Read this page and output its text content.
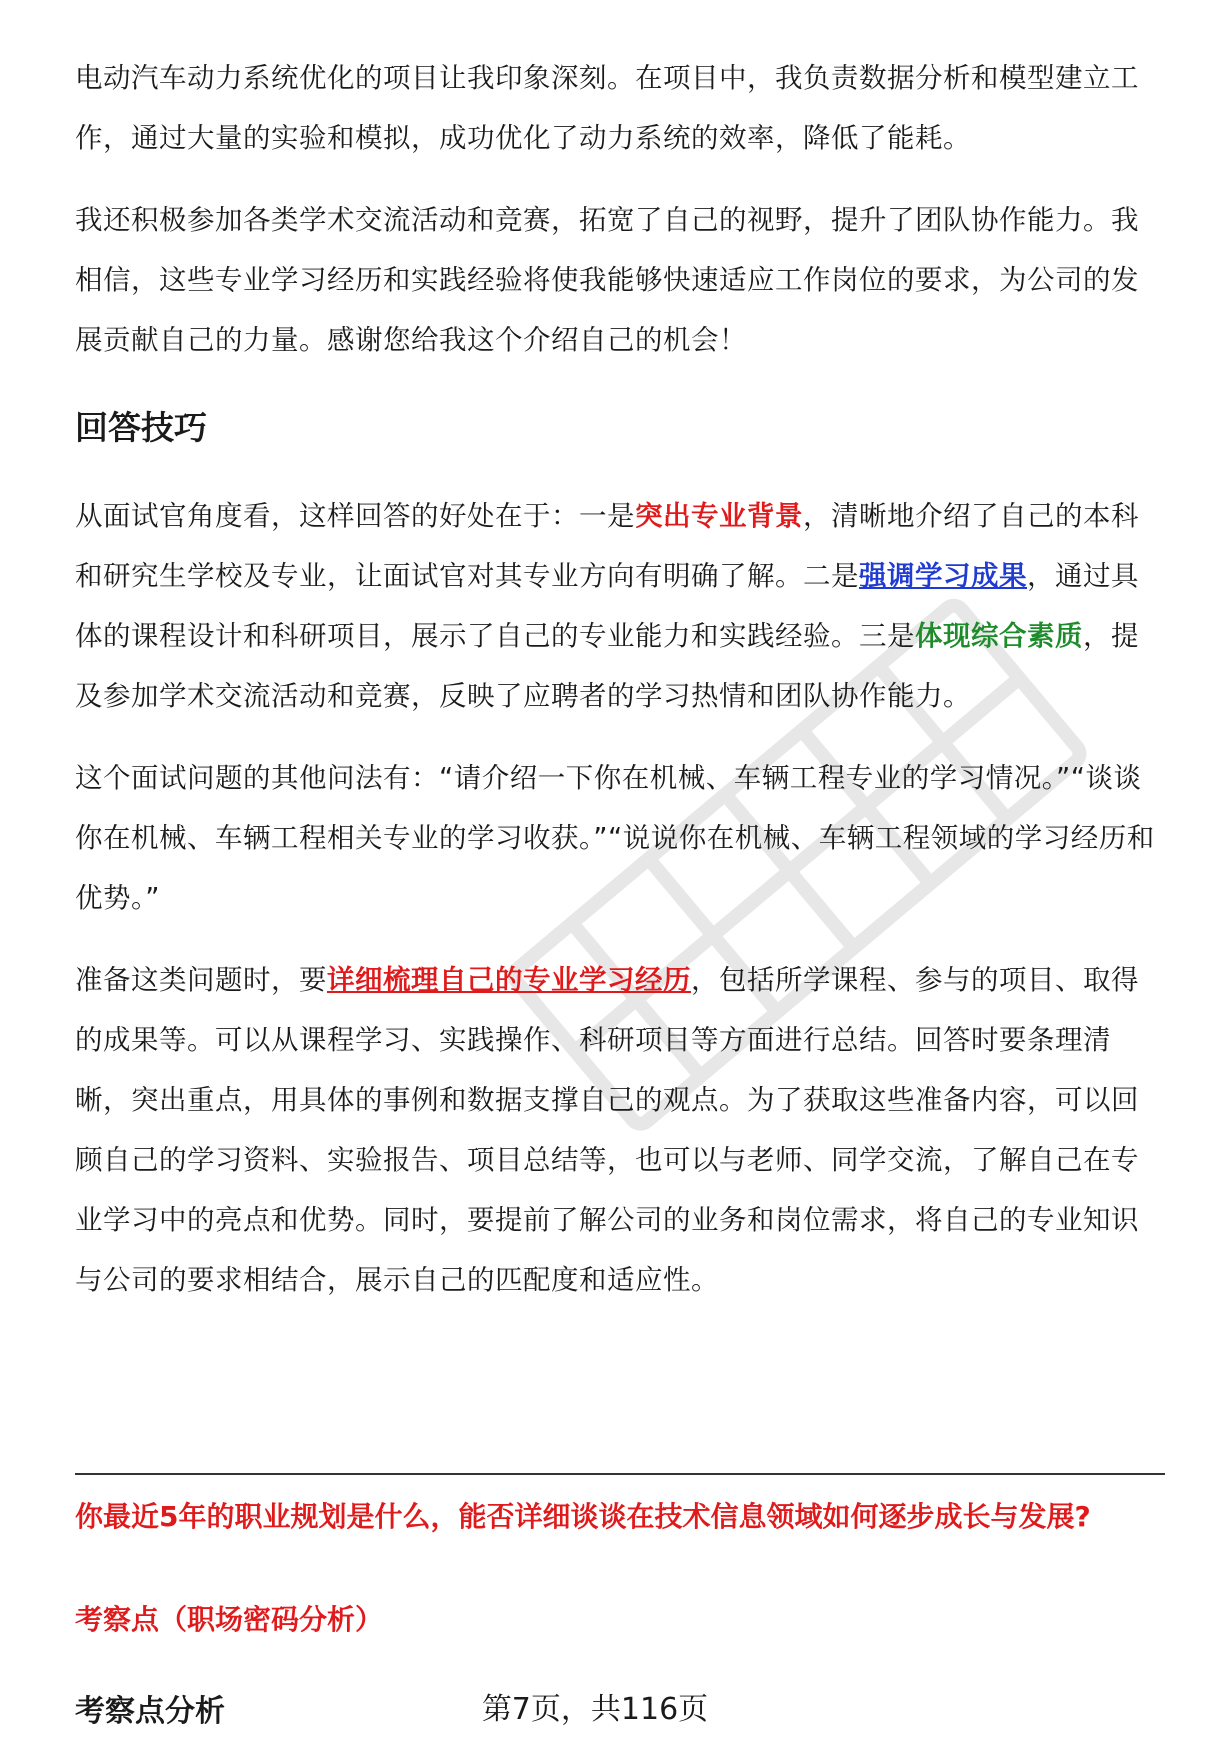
电动汽车动力系统优化的项目让我印象深刻。在项目中，我负责数据分析和模型建立工作，通过大量的实验和模拟，成功优化了动力系统的效率，降低了能耗。

我还积极参加各类学术交流活动和竞赛，拓宽了自己的视野，提升了团队协作能力。我相信，这些专业学习经历和实践经验将使我能够快速适应工作岗位的要求，为公司的发展贡献自己的力量。感谢您给我这个介绍自己的机会！

回答技巧

从面试官角度看，这样回答的好处在于：一是突出专业背景，清晰地介绍了自己的本科和研究生学校及专业，让面试官对其专业方向有明确了解。二是强调学习成果，通过具体的课程设计和科研项目，展示了自己的专业能力和实践经验。三是体现综合素质，提及参加学术交流活动和竞赛，反映了应聘者的学习热情和团队协作能力。

这个面试问题的其他问法有：“请介绍一下你在机械、车辆工程专业的学习情况。”“谈谈你在机械、车辆工程相关专业的学习收获。”“说说你在机械、车辆工程领域的学习经历和优势。”

准备这类问题时，要详细梳理自己的专业学习经历，包括所学课程、参与的项目、取得的成果等。可以从课程学习、实践操作、科研项目等方面进行总结。回答时要条理清晰，突出重点，用具体的事例和数据支撑自己的观点。为了获取这些准备内容，可以回顾自己的学习资料、实验报告、项目总结等，也可以与老师、同学交流，了解自己在专业学习中的亮点和优势。同时，要提前了解公司的业务和岗位需求，将自己的专业知识与公司的要求相结合，展示自己的匹配度和适应性。

你最近5年的职业规划是什么，能否详细谈谈在技术信息领域如何逐步成长与发展?

考察点（职场密码分析）

考察点分析	第7页，共116页
